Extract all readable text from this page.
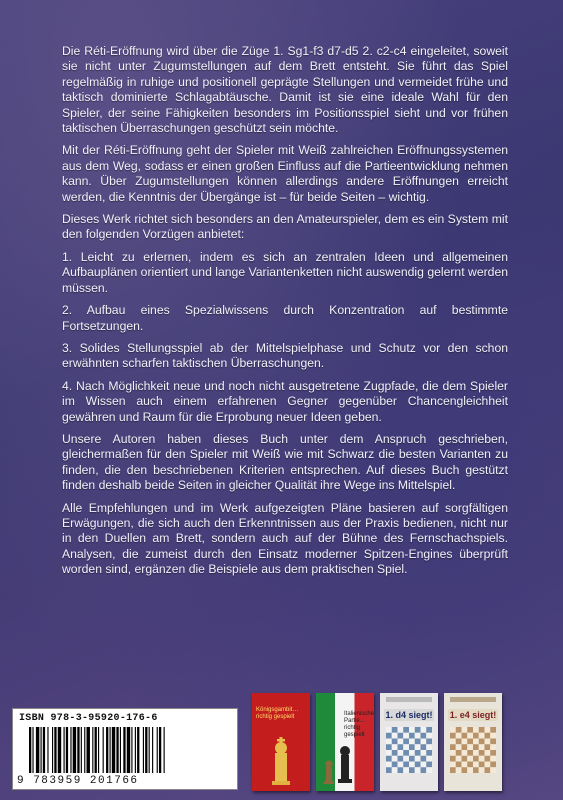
Die Réti-Eröffnung wird über die Züge 1. Sg1-f3 d7-d5 2. c2-c4 eingeleitet, soweit sie nicht unter Zugumstellungen auf dem Brett entsteht. Sie führt das Spiel regelmäßig in ruhige und positionell geprägte Stellungen und vermeidet frühe und taktisch dominierte Schlagabtäusche. Damit ist sie eine ideale Wahl für den Spieler, der seine Fähigkeiten besonders im Positionsspiel sieht und vor frühen taktischen Überraschungen geschützt sein möchte.

Mit der Réti-Eröffnung geht der Spieler mit Weiß zahlreichen Eröffnungssystemen aus dem Weg, sodass er einen großen Einfluss auf die Partieentwicklung nehmen kann. Über Zugumstellungen können allerdings andere Eröffnungen erreicht werden, die Kenntnis der Übergänge ist – für beide Seiten – wichtig.

Dieses Werk richtet sich besonders an den Amateurspieler, dem es ein System mit den folgenden Vorzügen anbietet:

1. Leicht zu erlernen, indem es sich an zentralen Ideen und allgemeinen Aufbauplänen orientiert und lange Variantenketten nicht auswendig gelernt werden müssen.

2. Aufbau eines Spezialwissens durch Konzentration auf bestimmte Fortsetzungen.

3. Solides Stellungsspiel ab der Mittelspielphase und Schutz vor den schon erwähnten scharfen taktischen Überraschungen.

4. Nach Möglichkeit neue und noch nicht ausgetretene Zugpfade, die dem Spieler im Wissen auch einem erfahrenen Gegner gegenüber Chancengleichheit gewähren und Raum für die Erprobung neuer Ideen geben.

Unsere Autoren haben dieses Buch unter dem Anspruch geschrieben, gleichermaßen für den Spieler mit Weiß wie mit Schwarz die besten Varianten zu finden, die den beschriebenen Kriterien entsprechen. Auf dieses Buch gestützt finden deshalb beide Seiten in gleicher Qualität ihre Wege ins Mittelspiel.

Alle Empfehlungen und im Werk aufgezeigten Pläne basieren auf sorgfältigen Erwägungen, die sich auch den Erkenntnissen aus der Praxis bedienen, nicht nur in den Duellen am Brett, sondern auch auf der Bühne des Fernschachspiels. Analysen, die zumeist durch den Einsatz moderner Spitzen-Engines überprüft worden sind, ergänzen die Beispiele aus dem praktischen Spiel.

ISBN 978-3-95920-176-6
9 783959 201766
Königsgambit… richtig gespielt	Italienische Partie… richtig gespielt
1. d4 siegt! 1. e4 siegt!
